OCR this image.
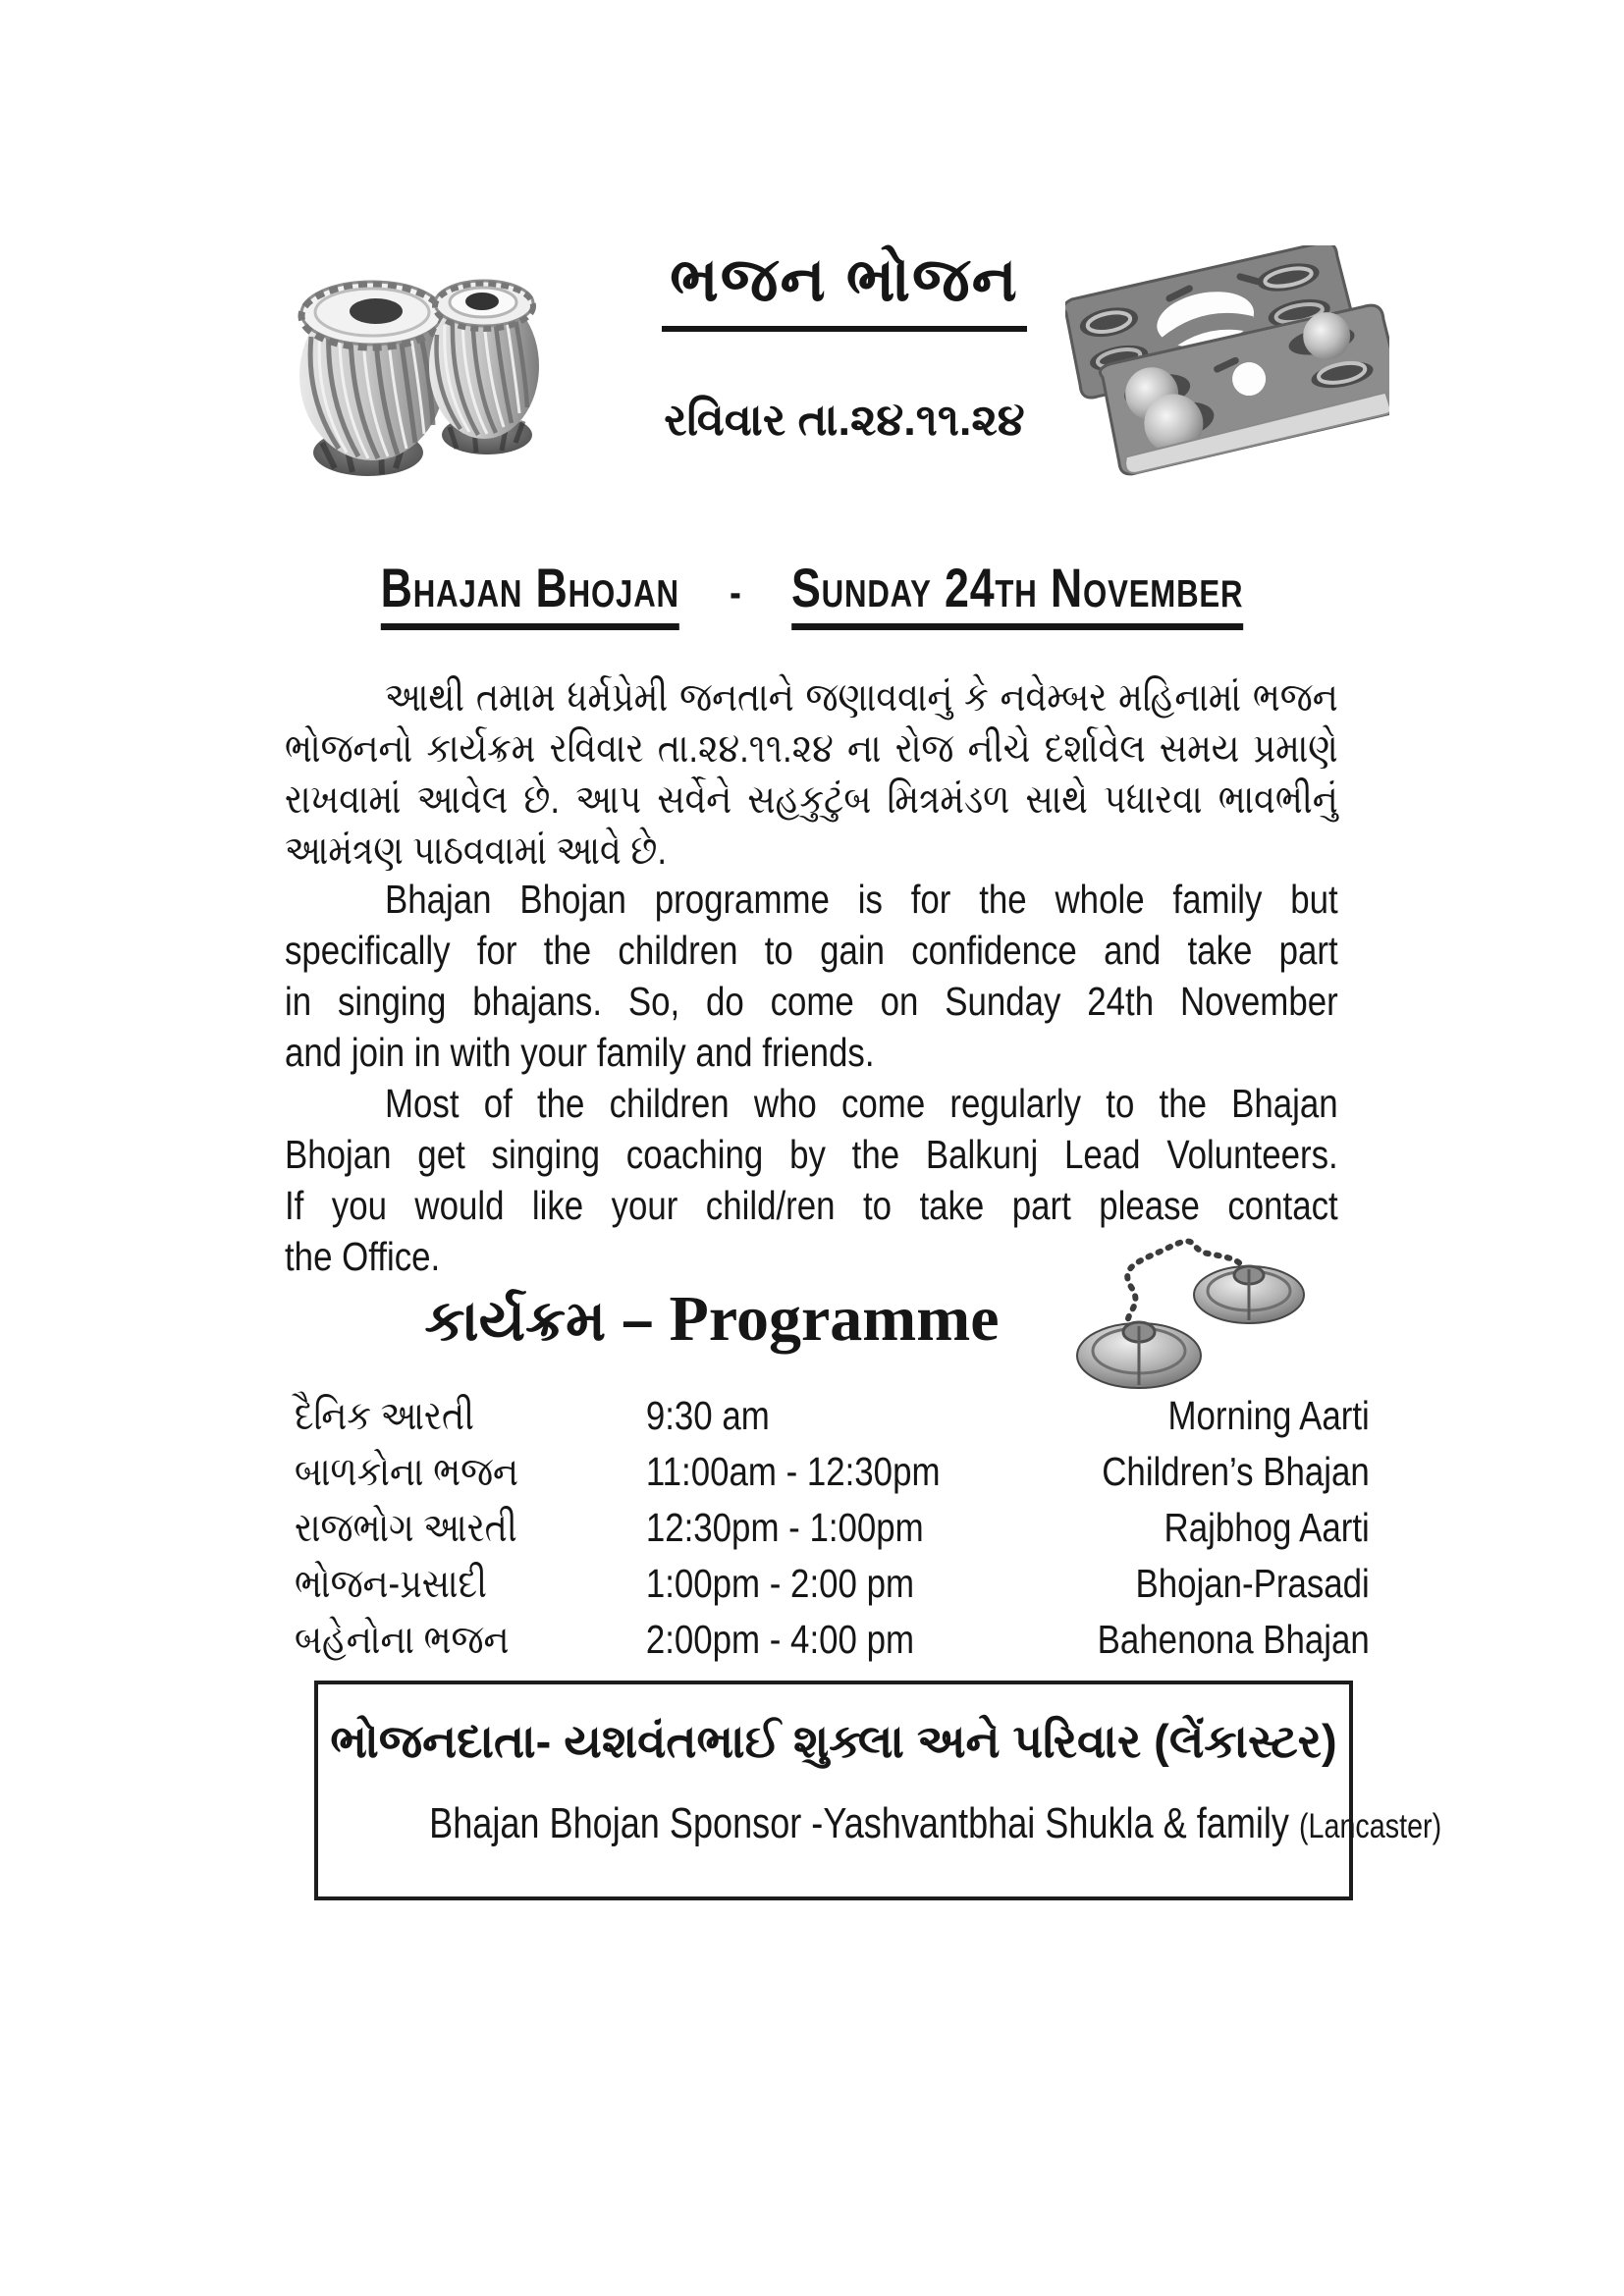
ભજન ભોજન
રવિવાર તા.૨૪.૧૧.૨૪
Bhajan Bhojan - Sunday 24th November
આથી તમામ ધર્મપ્રેમી જનતાને જણાવવાનું કે નવેમ્બર મહિનામાં ભજન
ભોજનનો કાર્યક્રમ રવિવાર તા.૨૪.૧૧.૨૪ ના રોજ નીચે દર્શાવેલ સમય પ્રમાણે
રાખવામાં આવેલ છે. આપ સર્વેને સહકુટુંબ મિત્રમંડળ સાથે પધારવા ભાવભીનું
આમંત્રણ પાઠવવામાં આવે છે.
Bhajan Bhojan programme is for the whole family but
specifically for the children to gain confidence and take part
in singing bhajans. So, do come on Sunday 24th November
and join in with your family and friends.
Most of the children who come regularly to the Bhajan
Bhojan get singing coaching by the Balkunj Lead Volunteers.
If you would like your child/ren to take part please contact
the Office.
કાર્યક્રમ – Programme
દૈનિક આરતી	9:30 am	Morning Aarti
બાળકોના ભજન	11:00am - 12:30pm	Children’s Bhajan
રાજભોગ આરતી	12:30pm - 1:00pm	Rajbhog Aarti
ભોજન-પ્રસાદી	1:00pm - 2:00 pm	Bhojan-Prasadi
બહેનોના ભજન	2:00pm - 4:00 pm	Bahenona Bhajan
ભોજનદાતા- યશવંતભાઈ શુક્લા અને પરિવાર (લેંકાસ્ટર)
Bhajan Bhojan Sponsor -Yashvantbhai Shukla & family (Lancaster)
